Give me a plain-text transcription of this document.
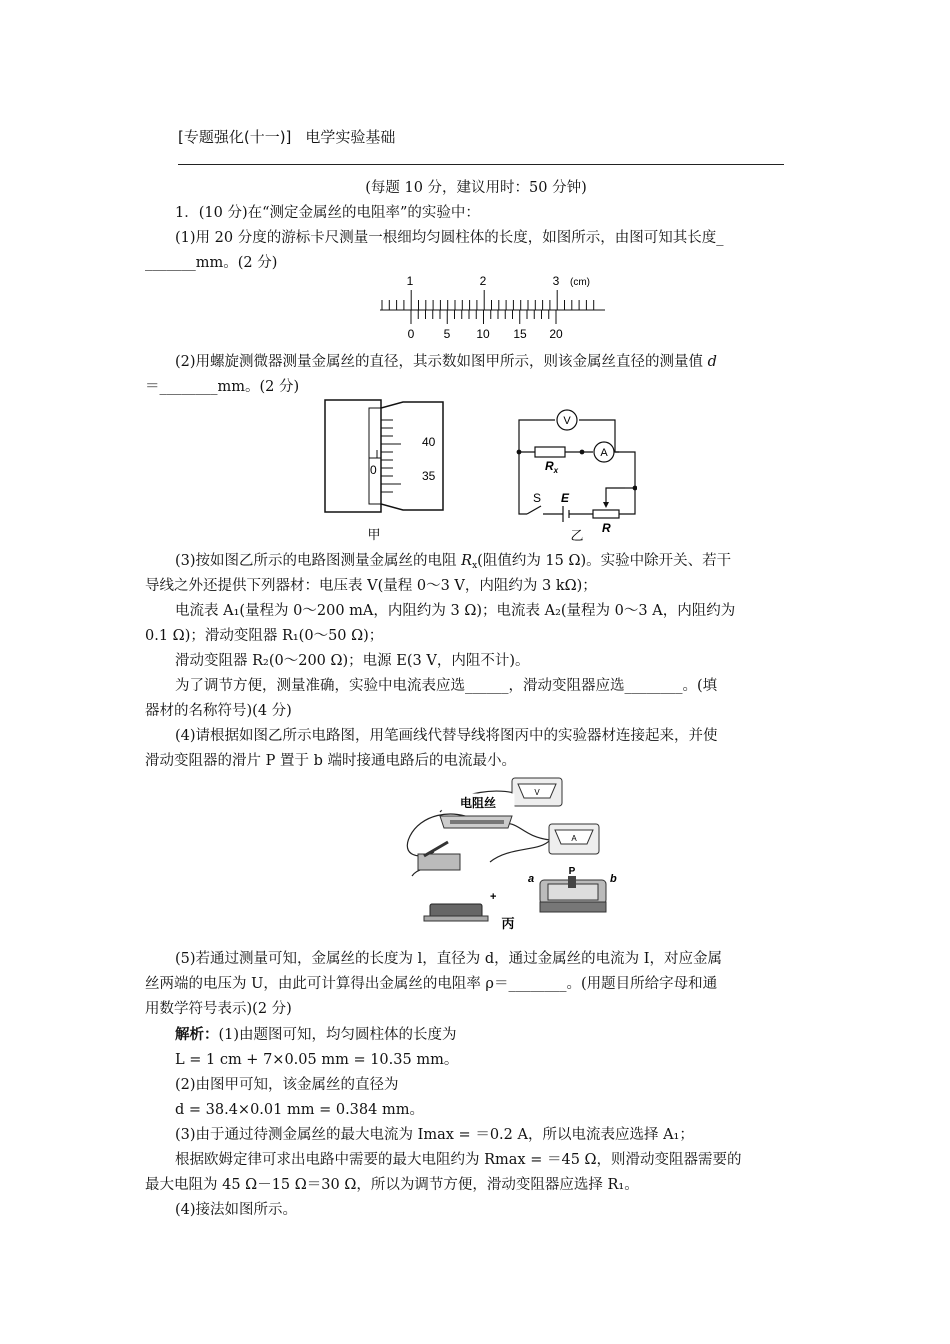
[专题强化(十一)] 电学实验基础
(每题 10 分，建议用时：50 分钟)
1．(10 分)在“测定金属丝的电阻率”的实验中：
(1)用 20 分度的游标卡尺测量一根细均匀圆柱体的长度，如图所示，由图可知其长度_
_______mm。(2 分)
1	2	3 (cm)
0 5 10 15 20
(2)用螺旋测微器测量金属丝的直径，其示数如图甲所示，则该金属丝直径的测量值 d
＝________mm。(2 分)
40
0	35
甲
V
A
$R_x$
S E
R
乙
(3)按如图乙所示的电路图测量金属丝的电阻 $R_x$(阻值约为 15 Ω)。实验中除开关、若干
导线之外还提供下列器材：电压表 V(量程 0～3 V，内阻约为 3 kΩ)；
电流表 A₁(量程为 0～200 mA，内阻约为 3 Ω)；电流表 A₂(量程为 0～3 A，内阻约为
0.1 Ω)；滑动变阻器 R₁(0～50 Ω)；
滑动变阻器 R₂(0～200 Ω)；电源 E(3 V，内阻不计)。
为了调节方便，测量准确，实验中电流表应选______，滑动变阻器应选________。(填
器材的名称符号)(4 分)
(4)请根据如图乙所示电路图，用笔画线代替导线将图丙中的实验器材连接起来，并使
滑动变阻器的滑片 P 置于 b 端时接通电路后的电流最小。
电阻丝
V
A
P
a	b
+
丙
(5)若通过测量可知，金属丝的长度为 l，直径为 d，通过金属丝的电流为 I，对应金属
丝两端的电压为 U，由此可计算得出金属丝的电阻率 ρ＝________。(用题目所给字母和通
用数学符号表示)(2 分)
解析：(1)由题图可知，均匀圆柱体的长度为
L = 1 cm + 7×0.05 mm = 10.35 mm。
(2)由图甲可知，该金属丝的直径为
d = 38.4×0.01 mm = 0.384 mm。
(3)由于通过待测金属丝的最大电流为 Imax = ＝0.2 A，所以电流表应选择 A₁；
根据欧姆定律可求出电路中需要的最大电阻约为 Rmax = ＝45 Ω，则滑动变阻器需要的
最大电阻为 45 Ω－15 Ω＝30 Ω，所以为调节方便，滑动变阻器应选择 R₁。
(4)接法如图所示。
